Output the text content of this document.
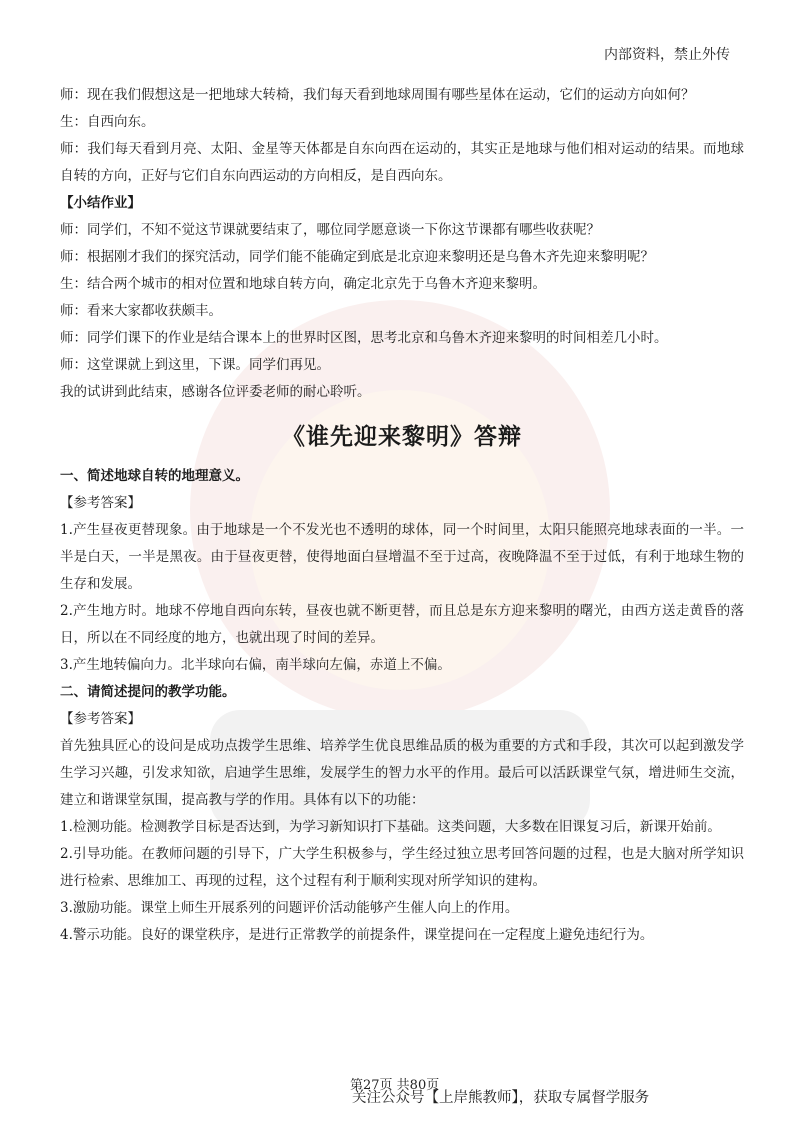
内部资料，禁止外传

师：现在我们假想这是一把地球大转椅，我们每天看到地球周围有哪些星体在运动，它们的运动方向如何？

生：自西向东。

师：我们每天看到月亮、太阳、金星等天体都是自东向西在运动的，其实正是地球与他们相对运动的结果。而地球自转的方向，正好与它们自东向西运动的方向相反，是自西向东。

【小结作业】

师：同学们，不知不觉这节课就要结束了，哪位同学愿意谈一下你这节课都有哪些收获呢？

师：根据刚才我们的探究活动，同学们能不能确定到底是北京迎来黎明还是乌鲁木齐先迎来黎明呢？

生：结合两个城市的相对位置和地球自转方向，确定北京先于乌鲁木齐迎来黎明。

师：看来大家都收获颇丰。

师：同学们课下的作业是结合课本上的世界时区图，思考北京和乌鲁木齐迎来黎明的时间相差几小时。

师：这堂课就上到这里，下课。同学们再见。

我的试讲到此结束，感谢各位评委老师的耐心聆听。

《谁先迎来黎明》答辩

一、简述地球自转的地理意义。

【参考答案】

1.产生昼夜更替现象。由于地球是一个不发光也不透明的球体，同一个时间里，太阳只能照亮地球表面的一半。一半是白天，一半是黑夜。由于昼夜更替，使得地面白昼增温不至于过高，夜晚降温不至于过低，有利于地球生物的生存和发展。

2.产生地方时。地球不停地自西向东转，昼夜也就不断更替，而且总是东方迎来黎明的曙光，由西方送走黄昏的落日，所以在不同经度的地方，也就出现了时间的差异。

3.产生地转偏向力。北半球向右偏，南半球向左偏，赤道上不偏。

二、请简述提问的教学功能。

【参考答案】

首先独具匠心的设问是成功点拨学生思维、培养学生优良思维品质的极为重要的方式和手段，其次可以起到激发学生学习兴趣，引发求知欲，启迪学生思维，发展学生的智力水平的作用。最后可以活跃课堂气氛，增进师生交流，建立和谐课堂氛围，提高教与学的作用。具体有以下的功能：

1.检测功能。检测教学目标是否达到，为学习新知识打下基础。这类问题，大多数在旧课复习后，新课开始前。

2.引导功能。在教师问题的引导下，广大学生积极参与，学生经过独立思考回答问题的过程，也是大脑对所学知识进行检索、思维加工、再现的过程，这个过程有利于顺利实现对所学知识的建构。

3.激励功能。课堂上师生开展系列的问题评价活动能够产生催人向上的作用。

4.警示功能。良好的课堂秩序，是进行正常教学的前提条件，课堂提问在一定程度上避免违纪行为。

第27页 共80页
关注公众号【上岸熊教师】，获取专属督学服务
